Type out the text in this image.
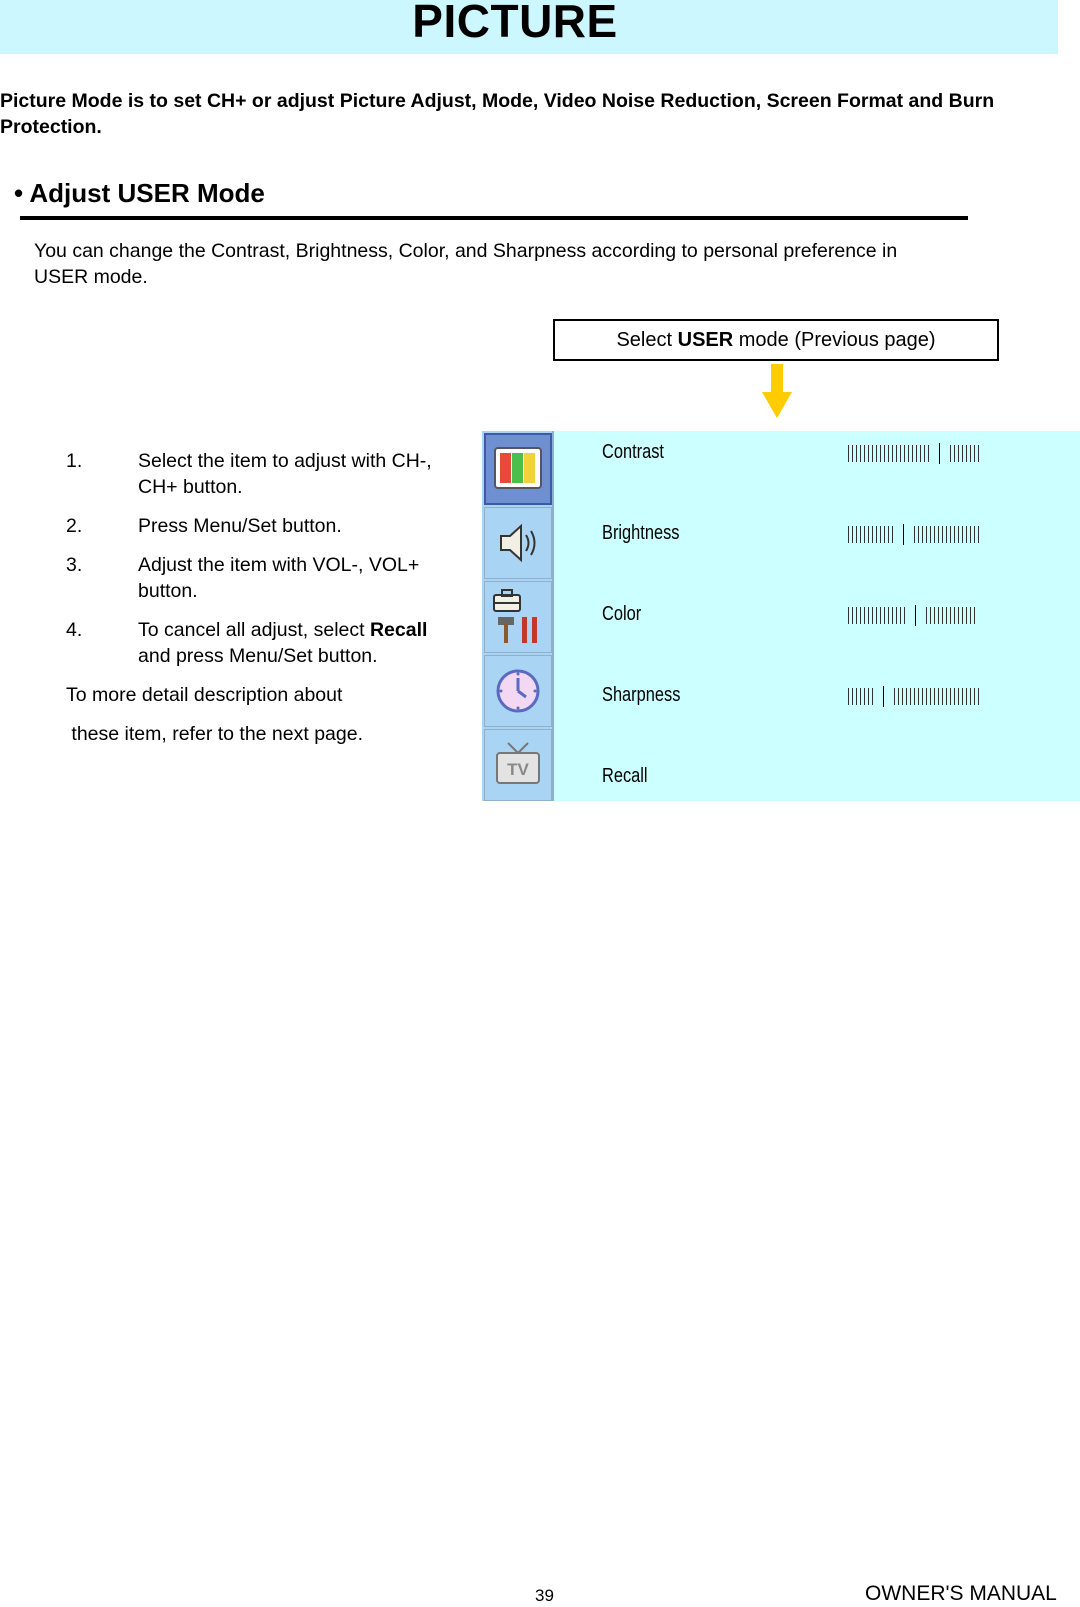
PICTURE
Picture Mode is to set CH+ or adjust Picture Adjust, Mode, Video Noise Reduction, Screen Format and Burn Protection.
• Adjust USER Mode
You can change the Contrast, Brightness, Color, and Sharpness according to personal preference in USER mode.
Select USER mode (Previous page)
1.	Select the item to adjust with CH-, CH+ button.
2.	Press Menu/Set button.
3.	Adjust the item with VOL-, VOL+ button.
4.	To cancel all adjust, select Recall and press Menu/Set button.
To more detail description about
these item, refer to the next page.
TV
Contrast
Brightness
Color
Sharpness
Recall
39	OWNER'S MANUAL
